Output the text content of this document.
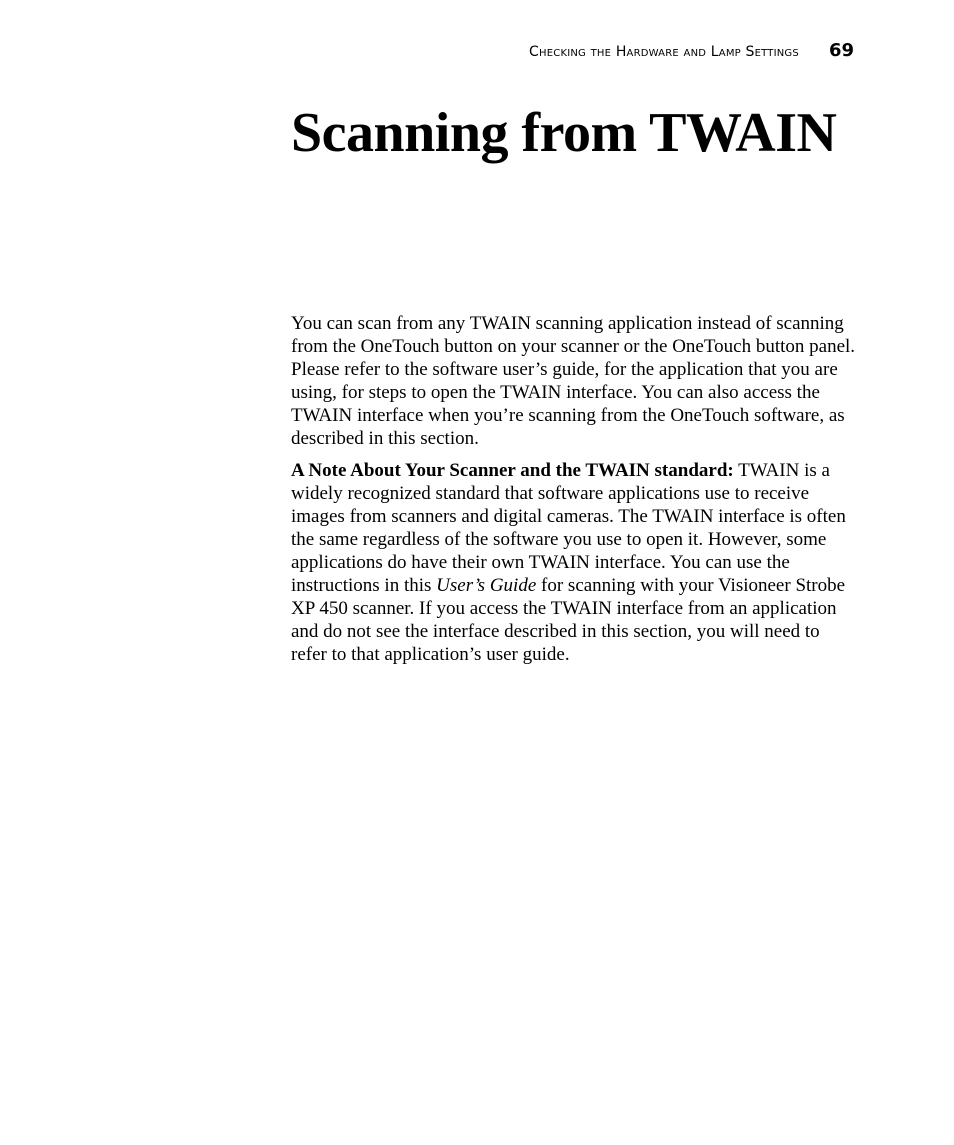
Checking the Hardware and Lamp Settings 69
Scanning from TWAIN

You can scan from any TWAIN scanning application instead of scanning from the OneTouch button on your scanner or the OneTouch button panel. Please refer to the software user’s guide, for the application that you are using, for steps to open the TWAIN interface. You can also access the TWAIN interface when you’re scanning from the OneTouch software, as described in this section.

A Note About Your Scanner and the TWAIN standard: TWAIN is a widely recognized standard that software applications use to receive images from scanners and digital cameras. The TWAIN interface is often the same regardless of the software you use to open it. However, some applications do have their own TWAIN interface. You can use the instructions in this User’s Guide for scanning with your Visioneer Strobe XP 450 scanner. If you access the TWAIN interface from an application and do not see the interface described in this section, you will need to refer to that application’s user guide.
